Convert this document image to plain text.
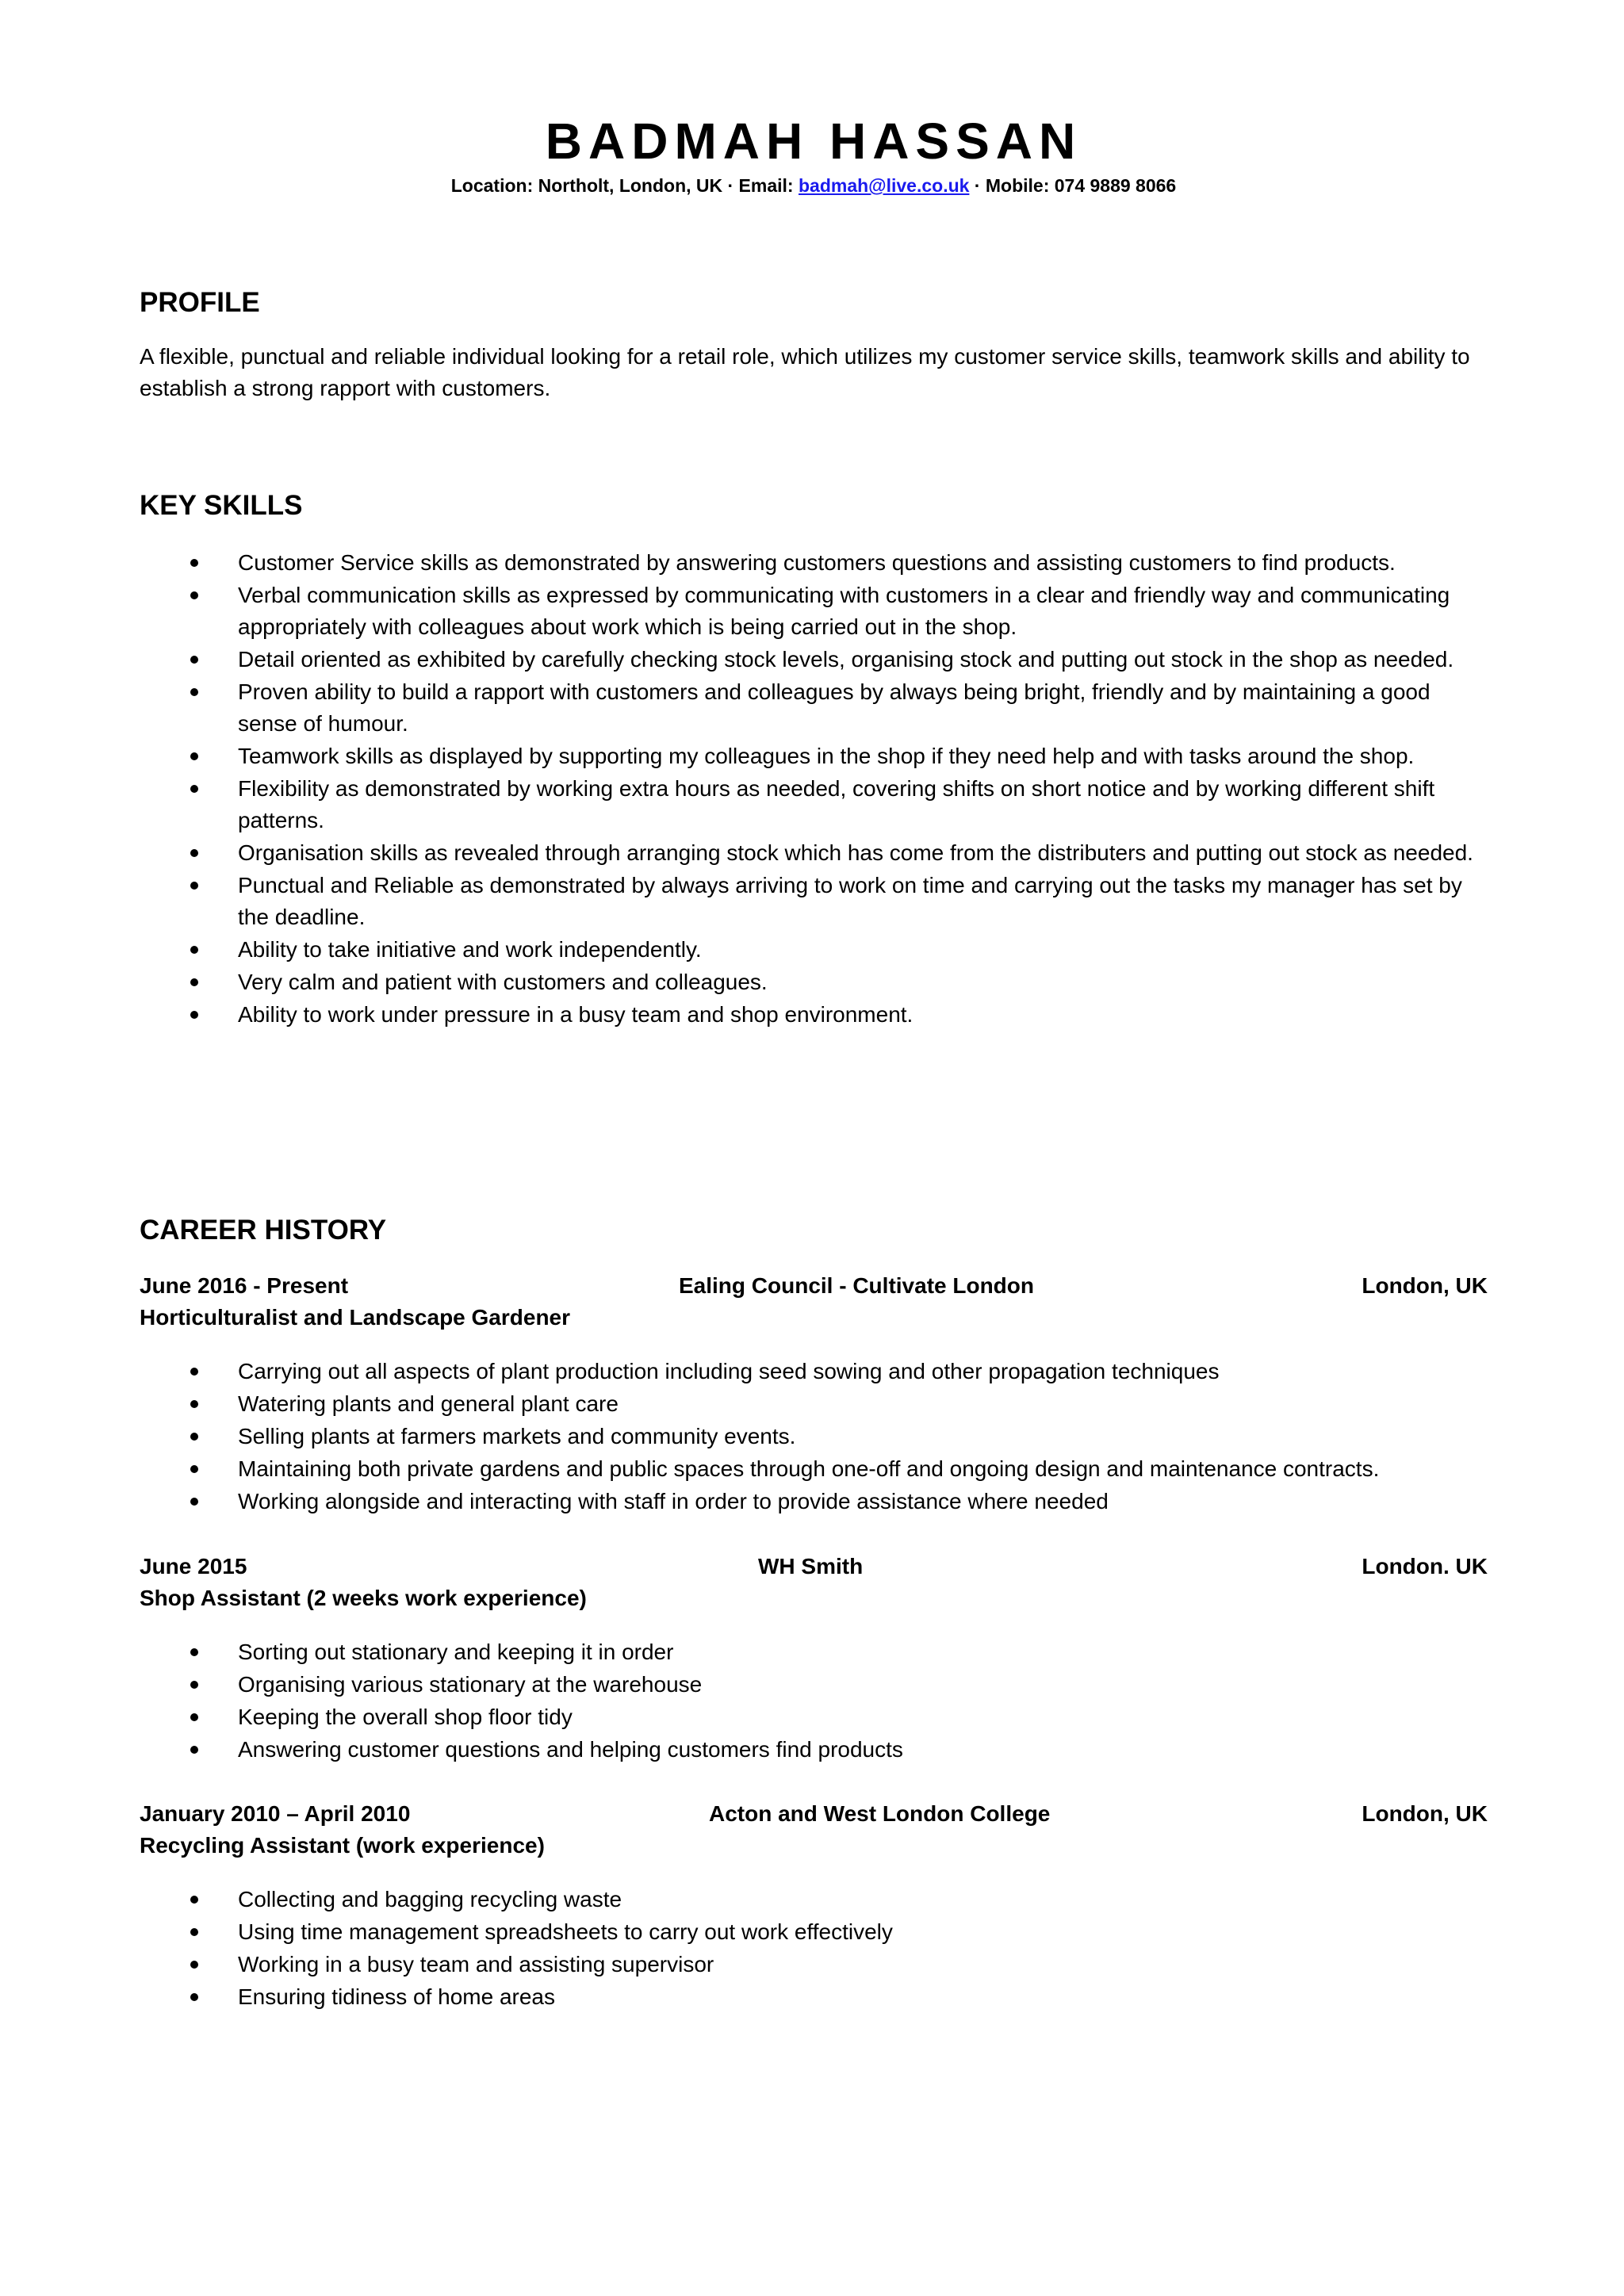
BADMAH HASSAN
Location: Northolt, London, UK · Email: badmah@live.co.uk · Mobile: 074 9889 8066
PROFILE
A flexible, punctual and reliable individual looking for a retail role, which utilizes my customer service skills, teamwork skills and ability to establish a strong rapport with customers.
KEY SKILLS
Customer Service skills as demonstrated by answering customers questions and assisting customers to find products.
Verbal communication skills as expressed by communicating with customers in a clear and friendly way and communicating appropriately with colleagues about work which is being carried out in the shop.
Detail oriented as exhibited by carefully checking stock levels, organising stock and putting out stock in the shop as needed.
Proven ability to build a rapport with customers and colleagues by always being bright, friendly and by maintaining a good sense of humour.
Teamwork skills as displayed by supporting my colleagues in the shop if they need help and with tasks around the shop.
Flexibility as demonstrated by working extra hours as needed, covering shifts on short notice and by working different shift patterns.
Organisation skills as revealed through arranging stock which has come from the distributers and putting out stock as needed.
Punctual and Reliable as demonstrated by always arriving to work on time and carrying out the tasks my manager has set by the deadline.
Ability to take initiative and work independently.
Very calm and patient with customers and colleagues.
Ability to work under pressure in a busy team and shop environment.
CAREER HISTORY
June 2016 - Present	Ealing Council - Cultivate London	London, UK
Horticulturalist and Landscape Gardener
Carrying out all aspects of plant production including seed sowing and other propagation techniques
Watering plants and general plant care
Selling plants at farmers markets and community events.
Maintaining both private gardens and public spaces through one-off and ongoing design and maintenance contracts.
Working alongside and interacting with staff in order to provide assistance where needed
June 2015	WH Smith	London. UK
Shop Assistant (2 weeks work experience)
Sorting out stationary and keeping it in order
Organising various stationary at the warehouse
Keeping the overall shop floor tidy
Answering customer questions and helping customers find products
January 2010 – April 2010	Acton and West London College	London, UK
Recycling Assistant (work experience)
Collecting and bagging recycling waste
Using time management spreadsheets to carry out work effectively
Working in a busy team and assisting supervisor
Ensuring tidiness of home areas
